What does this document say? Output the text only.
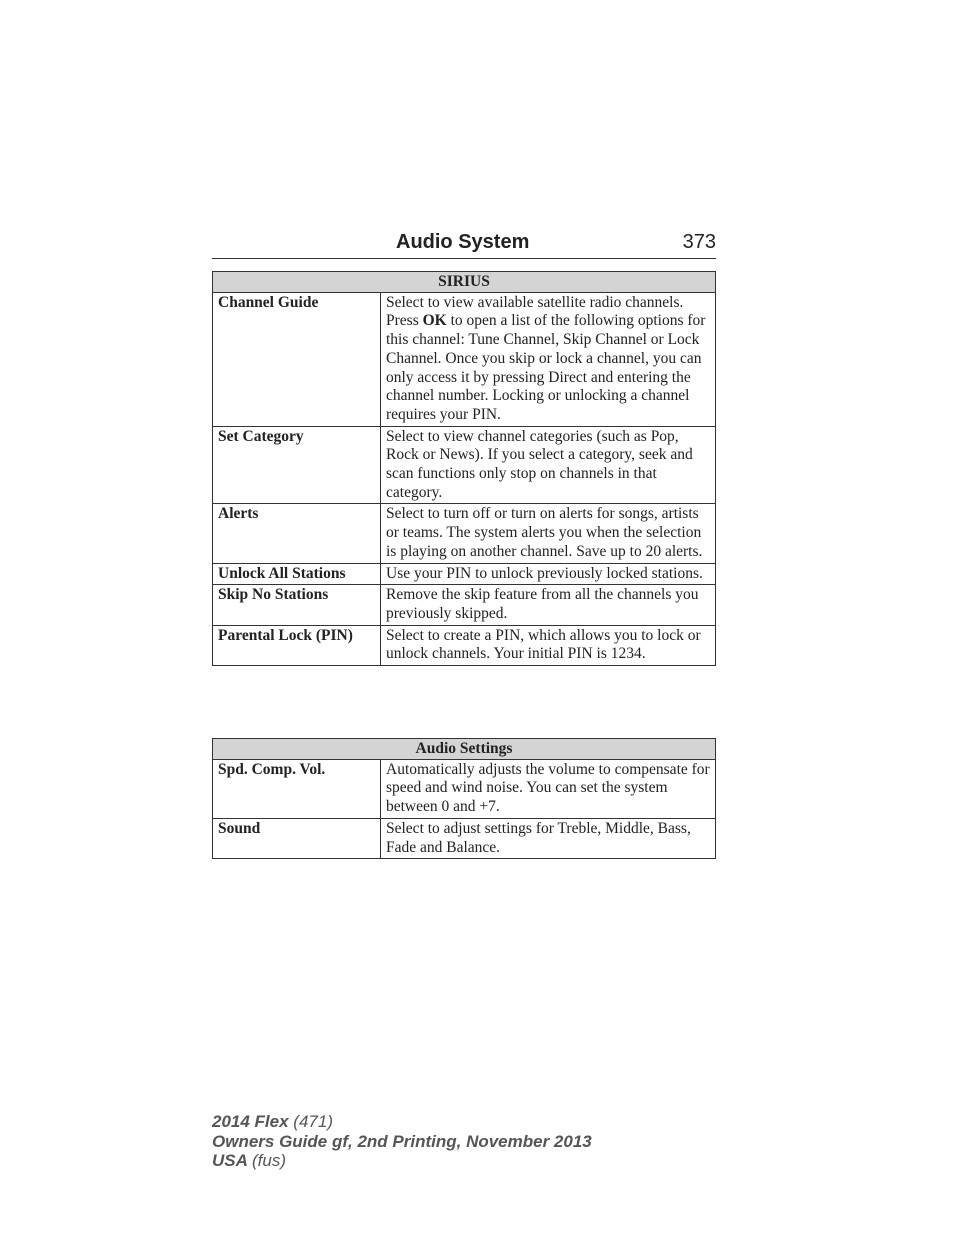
Audio System	373
SIRIUS	
Channel Guide	Select to view available satellite radio channels. Press OK to open a list of the following options for this channel: Tune Channel, Skip Channel or Lock Channel. Once you skip or lock a channel, you can only access it by pressing Direct and entering the channel number. Locking or unlocking a channel requires your PIN.
Set Category	Select to view channel categories (such as Pop, Rock or News). If you select a category, seek and scan functions only stop on channels in that category.
Alerts	Select to turn off or turn on alerts for songs, artists or teams. The system alerts you when the selection is playing on another channel. Save up to 20 alerts.
Unlock All Stations	Use your PIN to unlock previously locked stations.
Skip No Stations	Remove the skip feature from all the channels you previously skipped.
Parental Lock (PIN)	Select to create a PIN, which allows you to lock or unlock channels. Your initial PIN is 1234.
Audio Settings	
Spd. Comp. Vol.	Automatically adjusts the volume to compensate for speed and wind noise. You can set the system between 0 and +7.
Sound	Select to adjust settings for Treble, Middle, Bass, Fade and Balance.
2014 Flex (471)
Owners Guide gf, 2nd Printing, November 2013
USA (fus)
